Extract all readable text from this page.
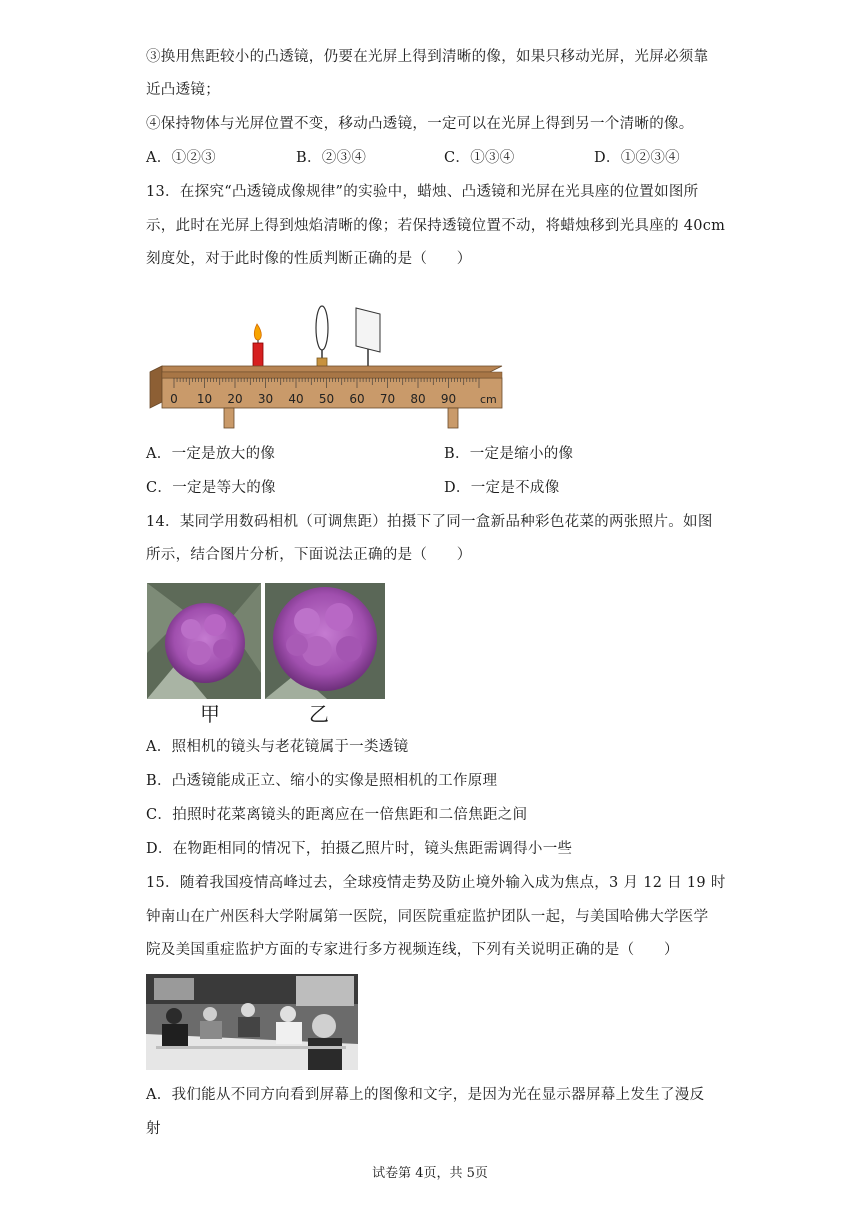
③换用焦距较小的凸透镜，仍要在光屏上得到清晰的像，如果只移动光屏，光屏必须靠
近凸透镜；
④保持物体与光屏位置不变，移动凸透镜，一定可以在光屏上得到另一个清晰的像。
A．①②③	B．②③④	C．①③④	D．①②③④
13．在探究“凸透镜成像规律”的实验中，蜡烛、凸透镜和光屏在光具座的位置如图所
示，此时在光屏上得到烛焰清晰的像；若保持透镜位置不动，将蜡烛移到光具座的 40cm
刻度处，对于此时像的性质判断正确的是（　　）
0 10 20 30 40 50 60 70 80 90 cm
A．一定是放大的像	B．一定是缩小的像
C．一定是等大的像	D．一定是不成像
14．某同学用数码相机（可调焦距）拍摄下了同一盒新品种彩色花菜的两张照片。如图
所示，结合图片分析，下面说法正确的是（　　）
甲	乙
A．照相机的镜头与老花镜属于一类透镜
B．凸透镜能成正立、缩小的实像是照相机的工作原理
C．拍照时花菜离镜头的距离应在一倍焦距和二倍焦距之间
D．在物距相同的情况下，拍摄乙照片时，镜头焦距需调得小一些
15．随着我国疫情高峰过去，全球疫情走势及防止境外输入成为焦点，3 月 12 日 19 时
钟南山在广州医科大学附属第一医院，同医院重症监护团队一起，与美国哈佛大学医学
院及美国重症监护方面的专家进行多方视频连线，下列有关说明正确的是（　　）
A．我们能从不同方向看到屏幕上的图像和文字，是因为光在显示器屏幕上发生了漫反
射
试卷第 4页，共 5页
